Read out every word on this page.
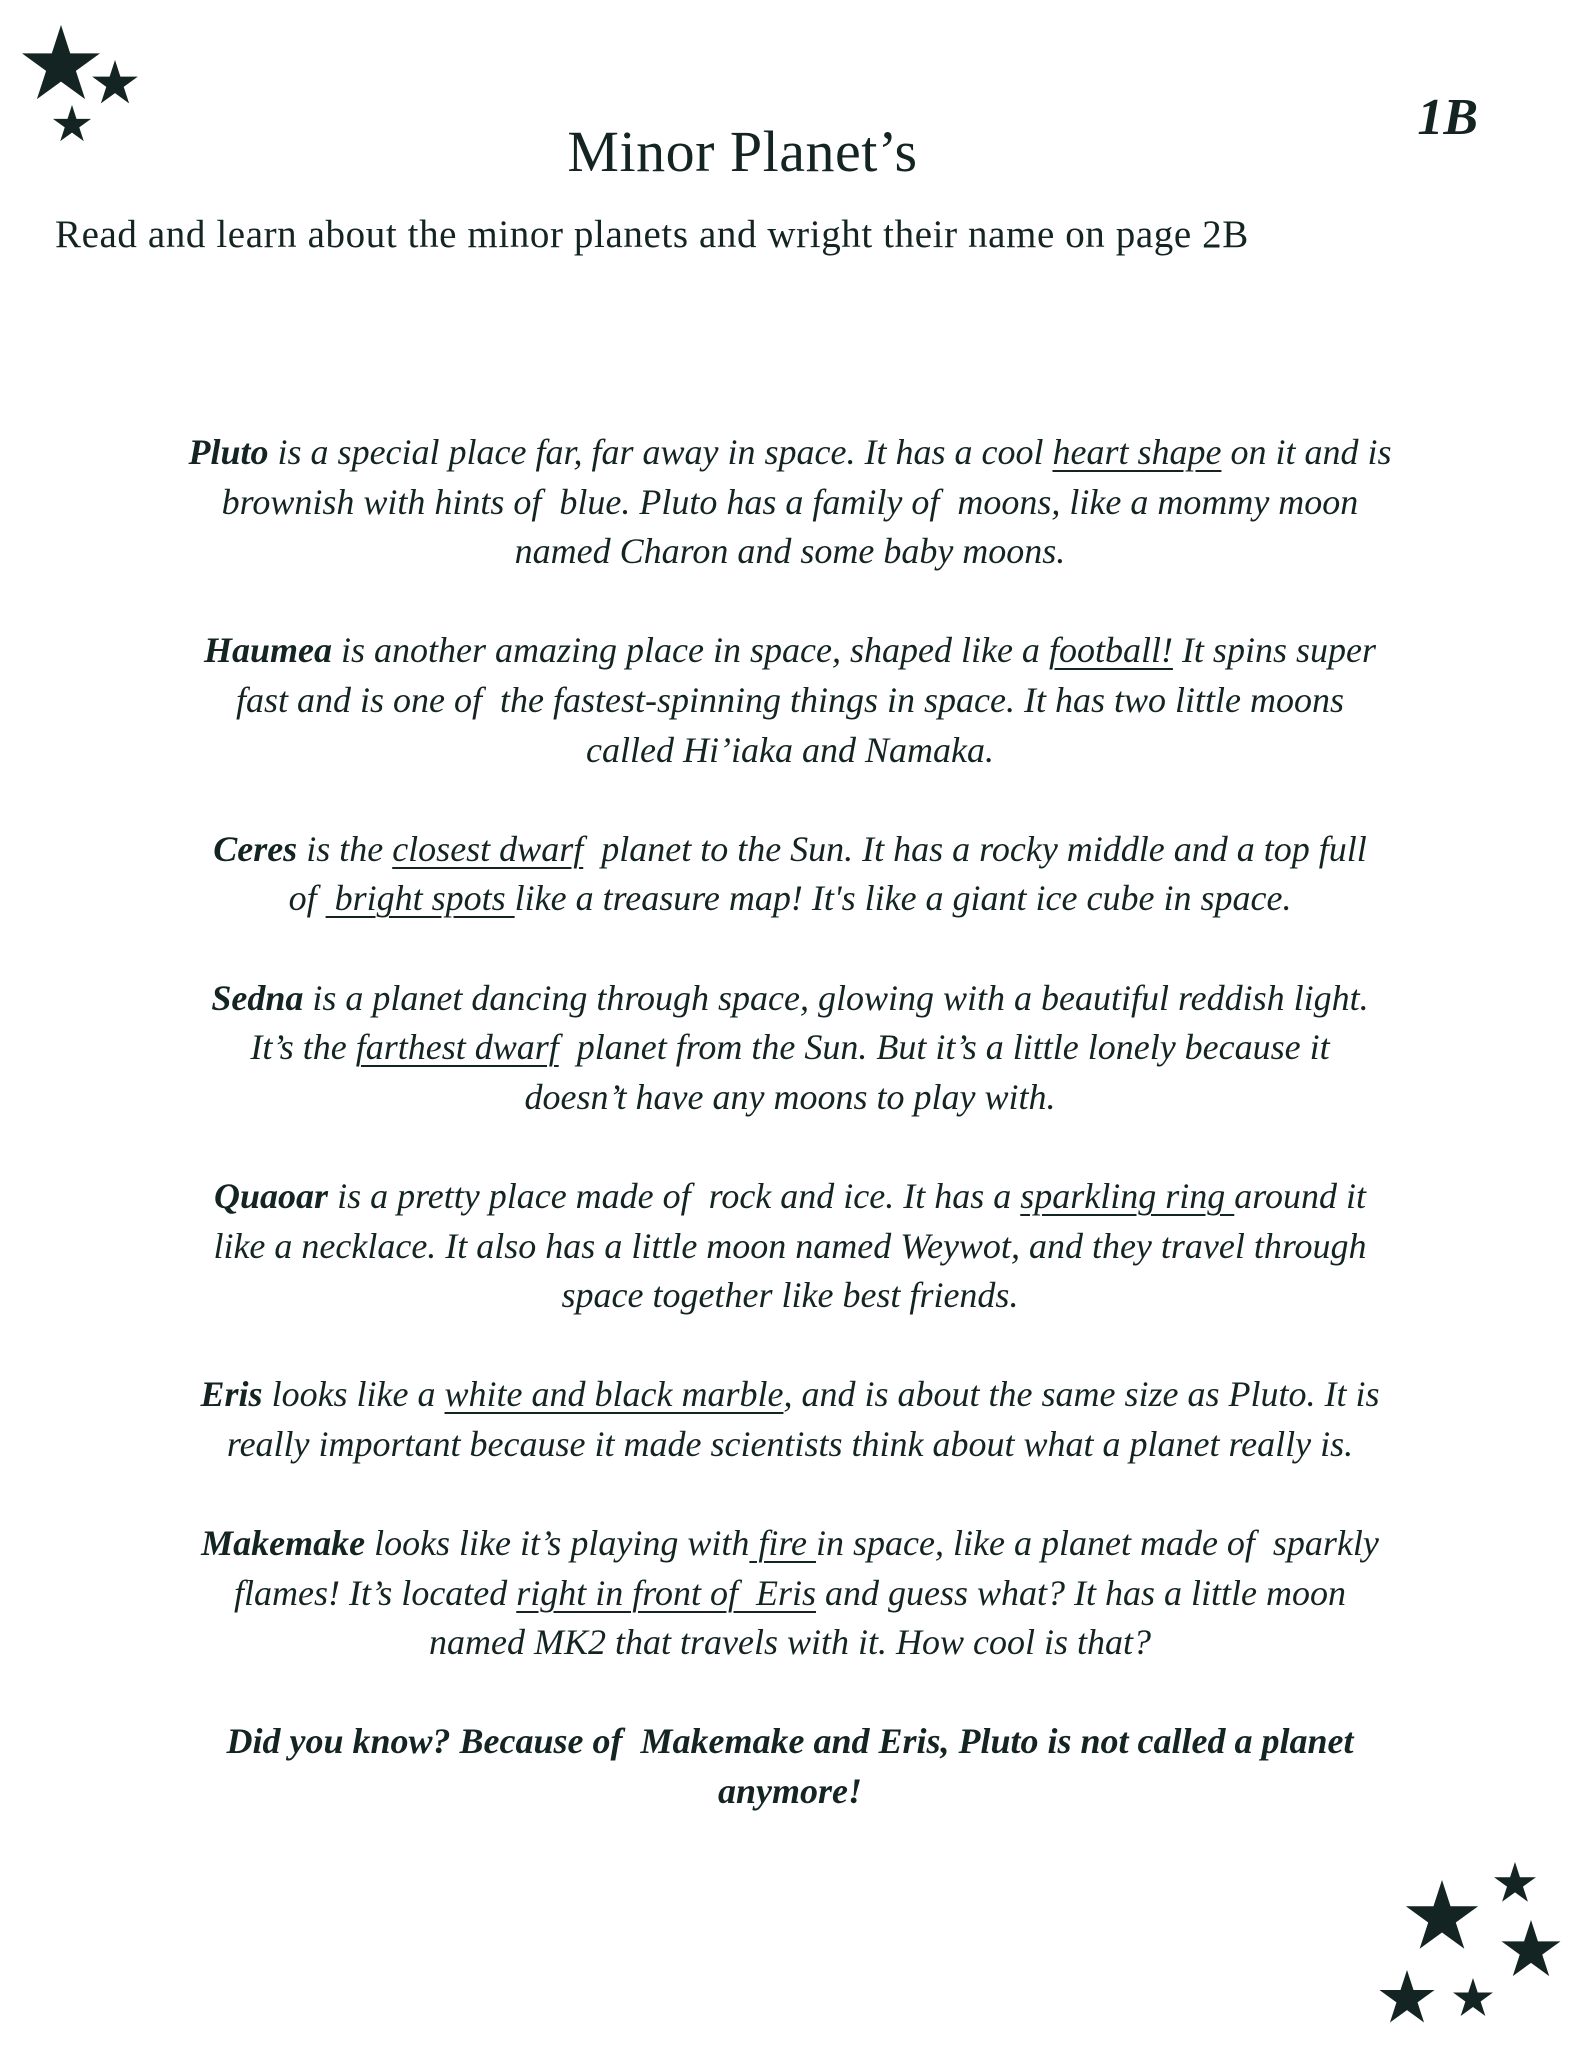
Minor Planet’s
1B
Read and learn about the minor planets and wright their name on page 2B
Pluto is a special place far, far away in space. It has a cool heart shape on it and is
brownish with hints of  blue. Pluto has a family of  moons, like a mommy moon
named Charon and some baby moons.
Haumea is another amazing place in space, shaped like a football! It spins super
fast and is one of  the fastest-spinning things in space. It has two little moons
called Hi’iaka and Namaka.
Ceres is the closest dwarf  planet to the Sun. It has a rocky middle and a top full
of  bright spots like a treasure map! It's like a giant ice cube in space.
Sedna is a planet dancing through space, glowing with a beautiful reddish light.
It’s the farthest dwarf  planet from the Sun. But it’s a little lonely because it
doesn’t have any moons to play with.
Quaoar is a pretty place made of  rock and ice. It has a sparkling ring around it
like a necklace. It also has a little moon named Weywot, and they travel through
space together like best friends.
Eris looks like a white and black marble, and is about the same size as Pluto. It is
really important because it made scientists think about what a planet really is.
Makemake looks like it’s playing with fire in space, like a planet made of  sparkly
flames! It’s located right in front of  Eris and guess what? It has a little moon
named MK2 that travels with it. How cool is that?
Did you know? Because of  Makemake and Eris, Pluto is not called a planet
anymore!
